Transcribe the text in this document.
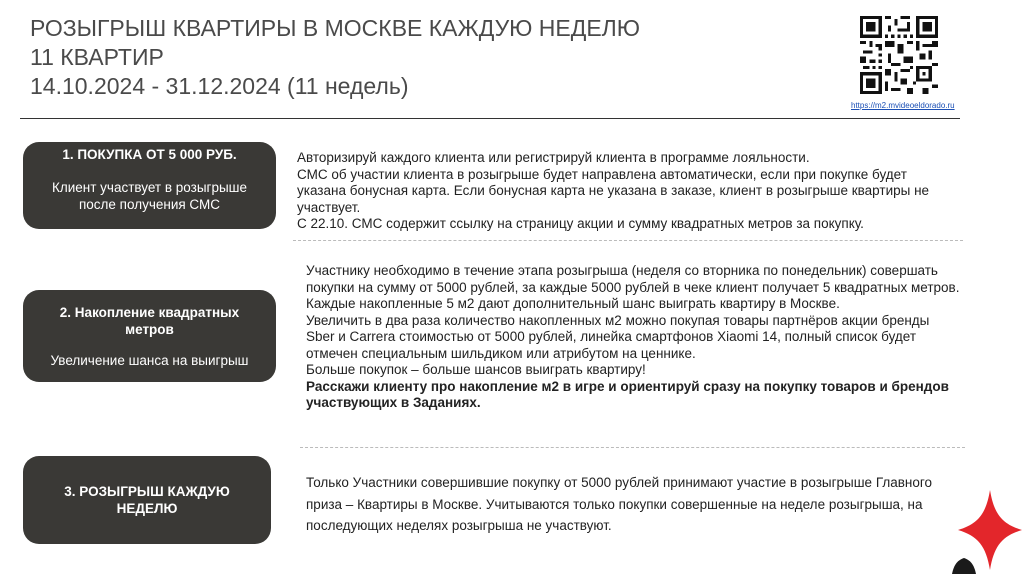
РОЗЫГРЫШ КВАРТИРЫ В МОСКВЕ КАЖДУЮ НЕДЕЛЮ
11 КВАРТИР
14.10.2024 - 31.12.2024 (11 недель)
https://m2.mvideoeldorado.ru
1. ПОКУПКА ОТ 5 000 РУБ.
Клиент участвует в розыгрыше после получения СМС

Авторизируй каждого клиента или регистрируй клиента в программе лояльности.

СМС об участии клиента в розыгрыше будет направлена автоматически, если при покупке будет указана бонусная карта. Если бонусная карта не указана в заказе, клиент в розыгрыше квартиры не участвует.

С 22.10. СМС содержит ссылку на страницу акции и сумму квадратных метров за покупку.

2. Накопление квадратных метров
Увеличение шанса на выигрыш

Участнику необходимо в течение этапа розыгрыша (неделя со вторника по понедельник) совершать покупки на сумму от 5000 рублей, за каждые 5000 рублей в чеке клиент получает 5 квадратных метров. Каждые накопленные 5 м2 дают дополнительный шанс выиграть квартиру в Москве.

Увеличить в два раза количество накопленных м2 можно покупая товары партнёров акции бренды Sber и Carrera стоимостью от 5000 рублей, линейка смартфонов Xiaomi 14, полный список будет отмечен специальным шильдиком или атрибутом на ценнике.

Больше покупок – больше шансов выиграть квартиру!

Расскажи клиенту про накопление м2 в игре и ориентируй сразу на покупку товаров и брендов участвующих в Заданиях.

3. РОЗЫГРЫШ КАЖДУЮ НЕДЕЛЮ

Только Участники совершившие покупку от 5000 рублей принимают участие в розыгрыше Главного приза – Квартиры в Москве. Учитываются только покупки совершенные на неделе розыгрыша, на последующих неделях розыгрыша не участвуют.
